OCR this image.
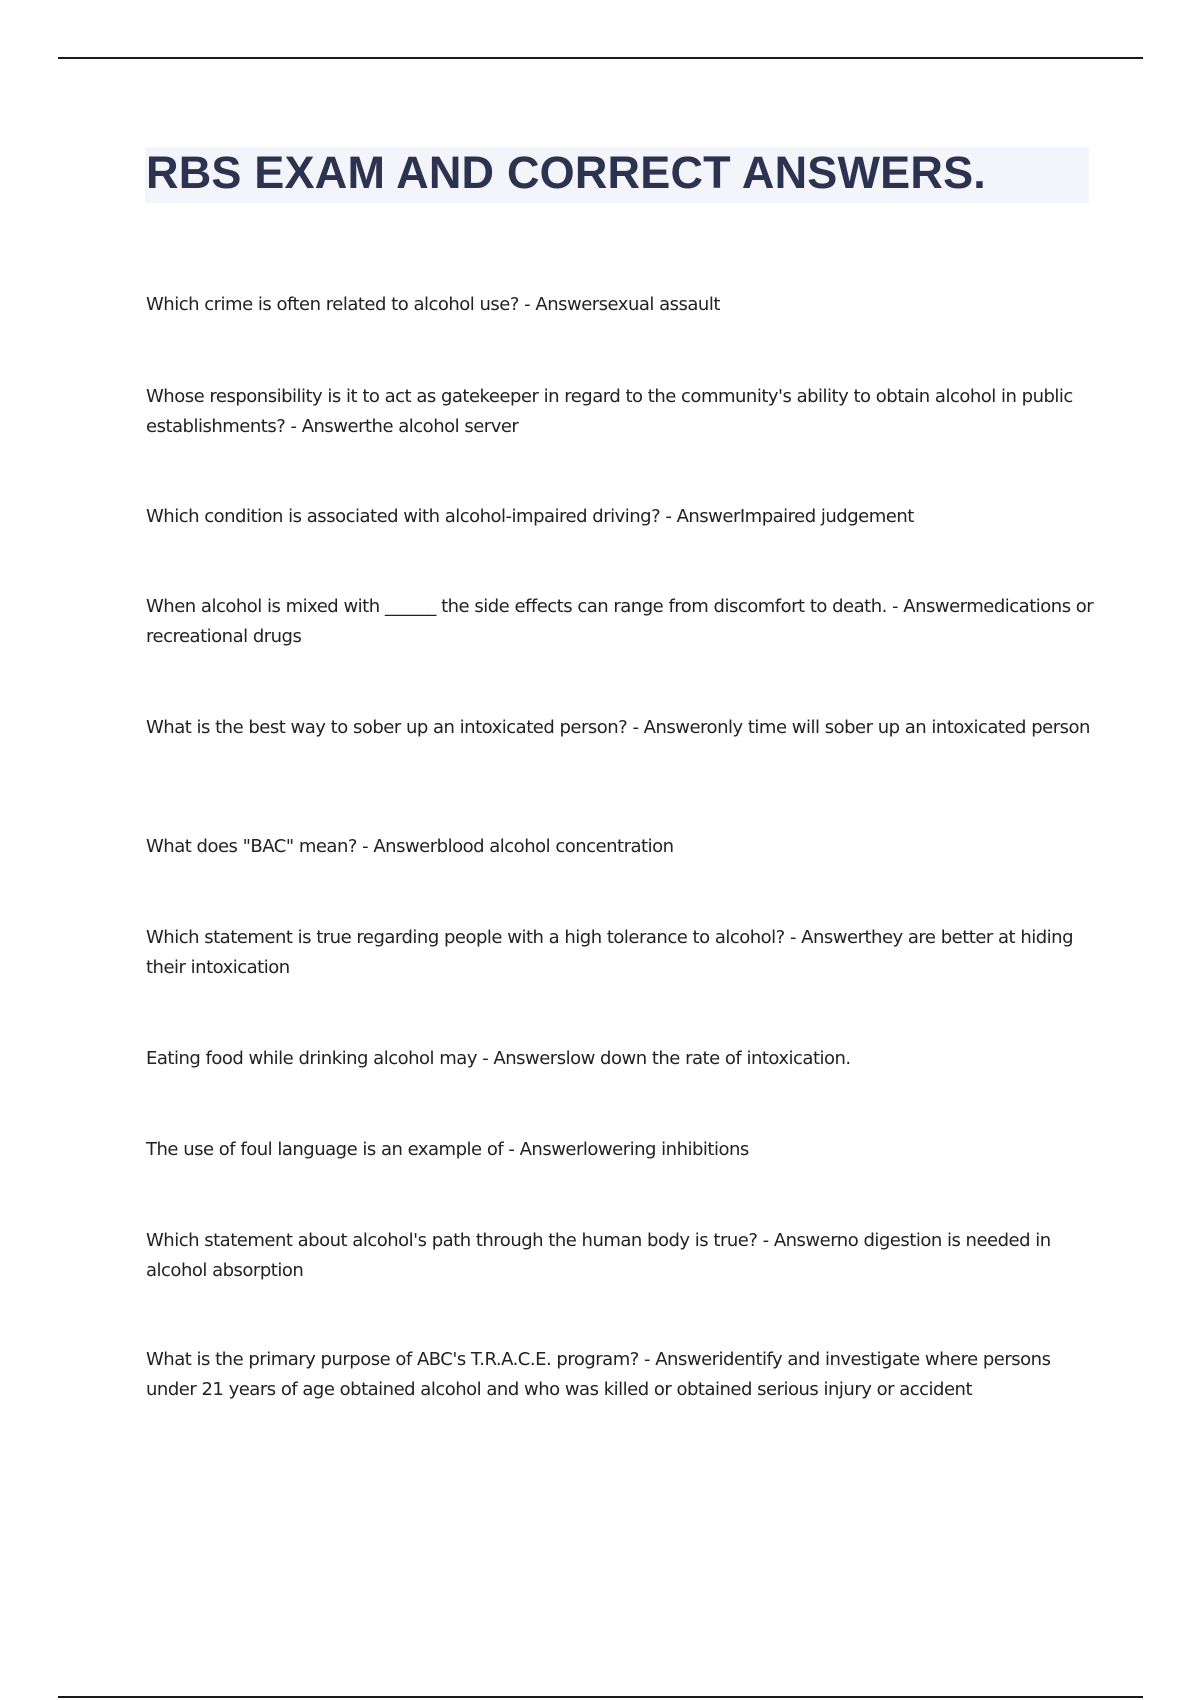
RBS EXAM AND CORRECT ANSWERS.

Which crime is often related to alcohol use? - Answersexual assault

Whose responsibility is it to act as gatekeeper in regard to the community's ability to obtain alcohol in public establishments? - Answerthe alcohol server

Which condition is associated with alcohol-impaired driving? - AnswerImpaired judgement

When alcohol is mixed with ______ the side effects can range from discomfort to death. - Answermedications or recreational drugs

What is the best way to sober up an intoxicated person? - Answeronly time will sober up an intoxicated person

What does "BAC" mean? - Answerblood alcohol concentration

Which statement is true regarding people with a high tolerance to alcohol? - Answerthey are better at hiding their intoxication

Eating food while drinking alcohol may - Answerslow down the rate of intoxication.

The use of foul language is an example of - Answerlowering inhibitions

Which statement about alcohol's path through the human body is true? - Answerno digestion is needed in alcohol absorption

What is the primary purpose of ABC's T.R.A.C.E. program? - Answeridentify and investigate where persons under 21 years of age obtained alcohol and who was killed or obtained serious injury or accident
